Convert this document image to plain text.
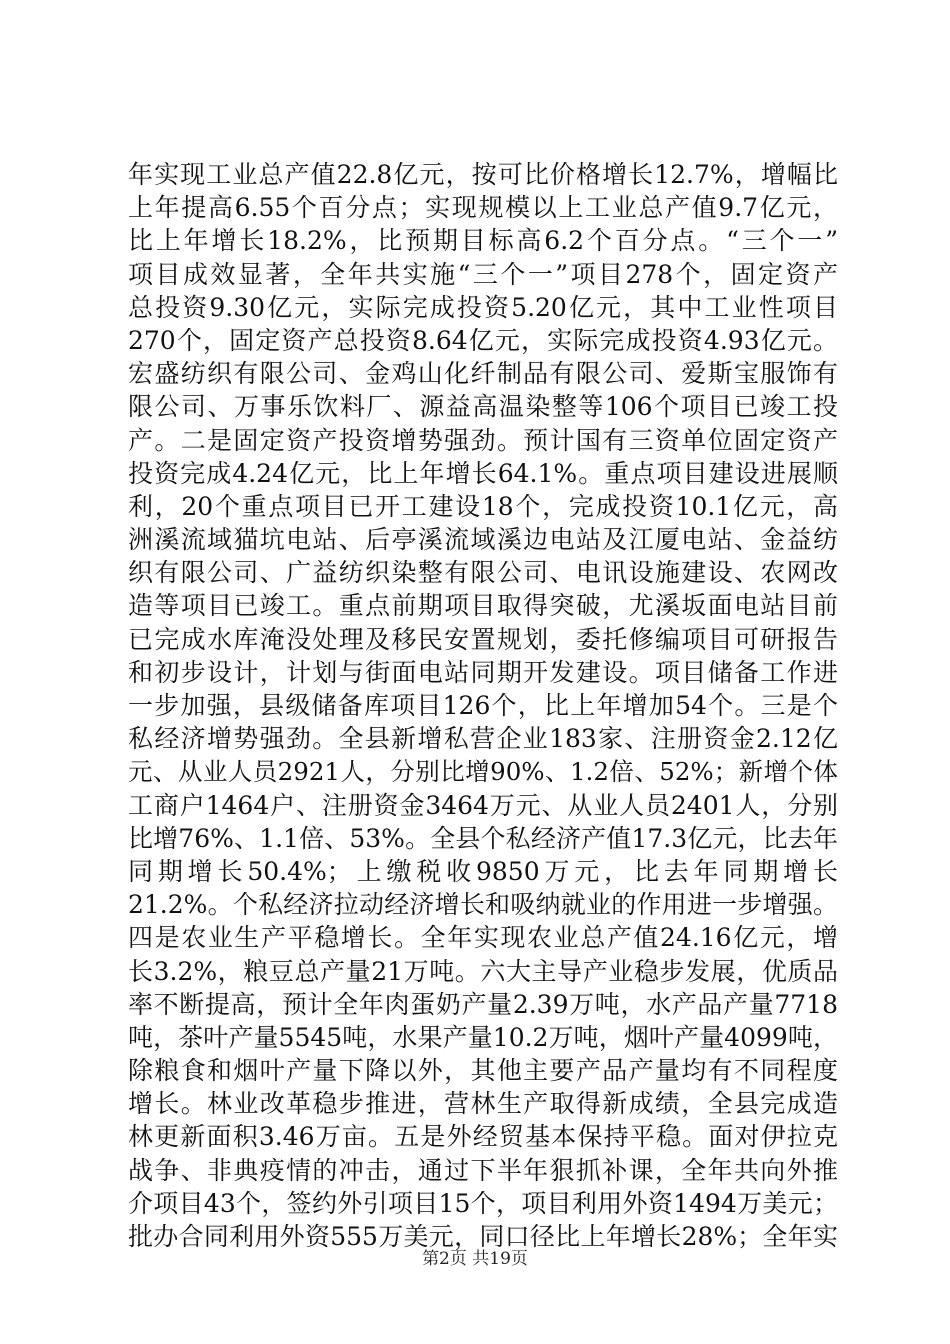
年实现工业总产值22.8亿元，按可比价格增长12.7%，增幅比
上年提高6.55个百分点；实现规模以上工业总产值9.7亿元，
比上年增长18.2%，比预期目标高6.2个百分点。“三个一”
项目成效显著，全年共实施“三个一”项目278个，固定资产
总投资9.30亿元，实际完成投资5.20亿元，其中工业性项目
270个，固定资产总投资8.64亿元，实际完成投资4.93亿元。
宏盛纺织有限公司、金鸡山化纤制品有限公司、爱斯宝服饰有
限公司、万事乐饮料厂、源益高温染整等106个项目已竣工投
产。二是固定资产投资增势强劲。预计国有三资单位固定资产
投资完成4.24亿元，比上年增长64.1%。重点项目建设进展顺
利，20个重点项目已开工建设18个，完成投资10.1亿元，高
洲溪流域猫坑电站、后亭溪流域溪边电站及江厦电站、金益纺
织有限公司、广益纺织染整有限公司、电讯设施建设、农网改
造等项目已竣工。重点前期项目取得突破，尤溪坂面电站目前
已完成水库淹没处理及移民安置规划，委托修编项目可研报告
和初步设计，计划与街面电站同期开发建设。项目储备工作进
一步加强，县级储备库项目126个，比上年增加54个。三是个
私经济增势强劲。全县新增私营企业183家、注册资金2.12亿
元、从业人员2921人，分别比增90%、1.2倍、52%；新增个体
工商户1464户、注册资金3464万元、从业人员2401人，分别
比增76%、1.1倍、53%。全县个私经济产值17.3亿元，比去年
同期增长50.4%；上缴税收9850万元，比去年同期增长
21.2%。个私经济拉动经济增长和吸纳就业的作用进一步增强。
四是农业生产平稳增长。全年实现农业总产值24.16亿元，增
长3.2%，粮豆总产量21万吨。六大主导产业稳步发展，优质品
率不断提高，预计全年肉蛋奶产量2.39万吨，水产品产量7718
吨，茶叶产量5545吨，水果产量10.2万吨，烟叶产量4099吨，
除粮食和烟叶产量下降以外，其他主要产品产量均有不同程度
增长。林业改革稳步推进，营林生产取得新成绩，全县完成造
林更新面积3.46万亩。五是外经贸基本保持平稳。面对伊拉克
战争、非典疫情的冲击，通过下半年狠抓补课，全年共向外推
介项目43个，签约外引项目15个，项目利用外资1494万美元；
批办合同利用外资555万美元，同口径比上年增长28%；全年实
第2页 共19页
